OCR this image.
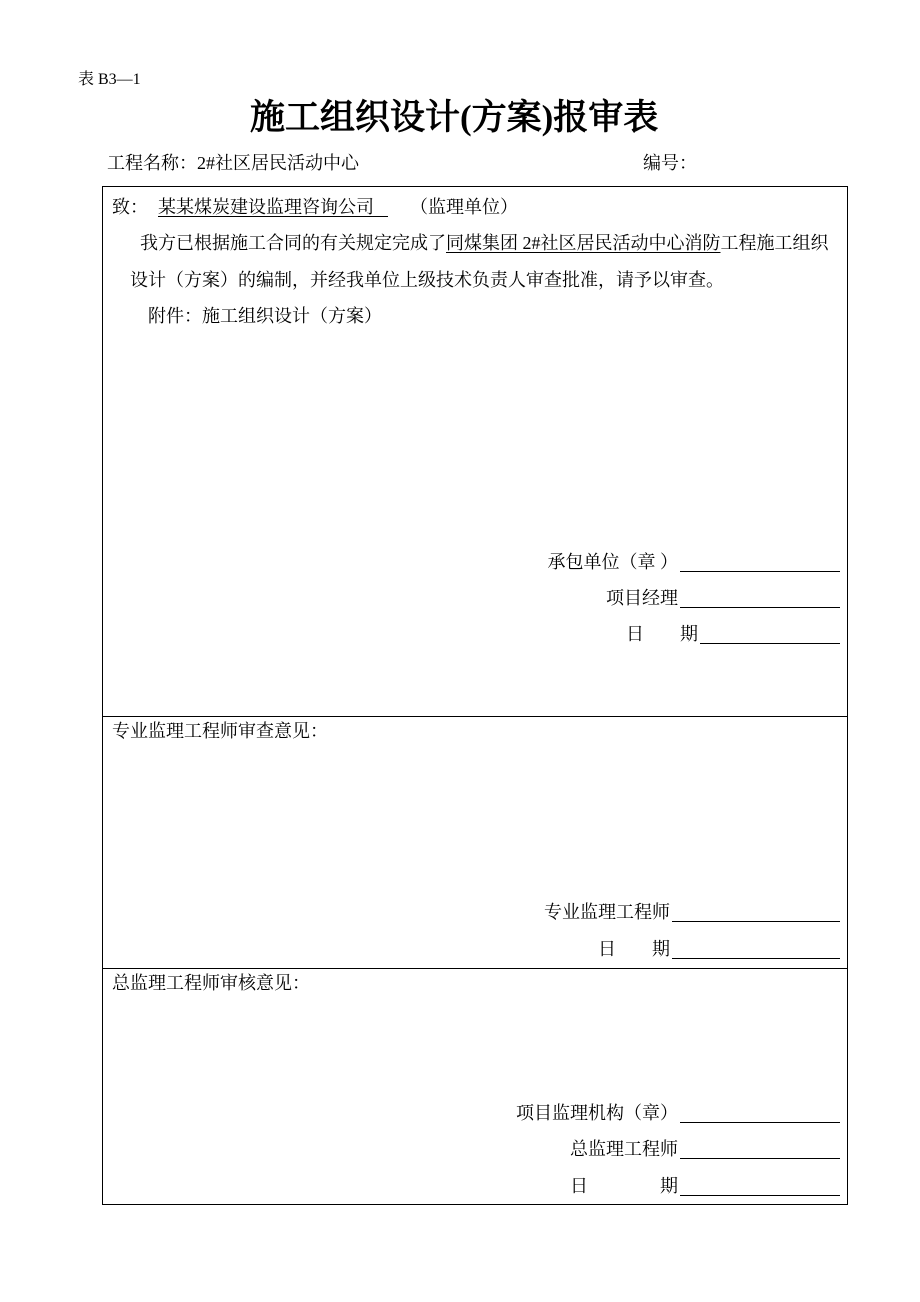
表 B3—1
施工组织设计(方案)报审表
工程名称：2#社区居民活动中心	编号：
致： 某某煤炭建设监理咨询公司	（监理单位）
我方已根据施工合同的有关规定完成了同煤集团 2#社区居民活动中心消防工程施工组织
设计（方案）的编制，并经我单位上级技术负责人审查批准，请予以审查。
附件：施工组织设计（方案）
承包单位（章 ）
项目经理
日　　期
专业监理工程师审查意见：
专业监理工程师
日　　期
总监理工程师审核意见：
项目监理机构（章）
总监理工程师
日　　　　期
